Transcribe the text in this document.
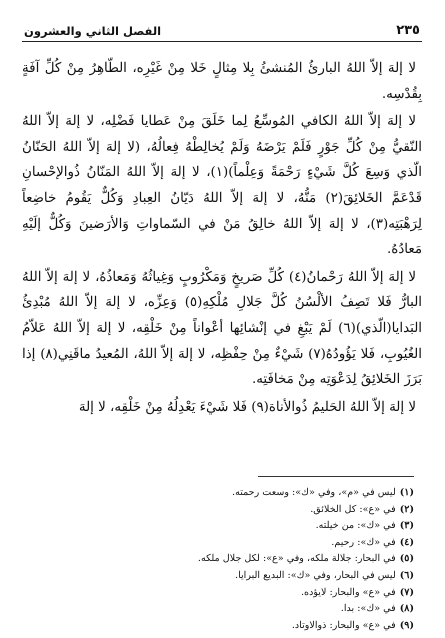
٢٣٥
الفصل الثاني والعشرون

لا إلهَ إلاّ اللهُ البارئُ المُنشئُ بِلا مِثالٍ خَلا مِنْ غَيْرِه، الطّاهِرُ مِنْ كُلِّ آفَةٍ بِقُدْسِه.

لا إلهَ إلاّ اللهُ الكافي المُوسِّعُ لِما خَلَقَ مِنْ عَطايا فَضْلِه، لا إلهَ إلاّ اللهُ النّقيُّ مِنْ كُلِّ جَوْرٍ فَلَمْ يَرْضَهُ وَلَمْ يُخالِطْهُ فِعالُهُ، (لا إلهَ إلاّ اللهُ الحَنّانُ الّذي وَسِعَ كُلَّ شَيْءٍ رَحْمَةً وَعِلْماً)(١)، لا إلهَ إلاّ اللهُ المَنّانُ ذُوالإحْسانِ قَدْعَمَّ الخَلائِقَ(٢) مَنُّهُ، لا إلهَ إلاّ اللهُ دَيّانُ العِبادِ وَكُلٌّ يَقُومُ خاضِعاً لِرَهْبَتِه(٣)، لا إلهَ إلاّ اللهُ خالِقُ مَنْ في السّماواتِ وَالأرَضينَ وَكُلٌّ إلَيْهِ مَعادُهُ.

لا إلهَ إلاّ اللهُ رَحْمانُ(٤) كُلِّ صَريخٍ وَمَكْرُوبٍ وَغِياثُهُ وَمَعاذُهُ، لا إلهَ إلاّ اللهُ البارُّ فَلا تَصِفُ الألْسُنُ كُلَّ جَلالِ مُلْكِهِ(٥) وَعِزِّه، لا إلهَ إلاّ اللهُ مُبْدِئُ البَدايا(الّذي)(٦) لَمْ يَبْغِ في إنْشائِها أعْواناً مِنْ خَلْقِه، لا إلهَ إلاّ اللهُ عَلاّمُ الغُيُوبِ، فَلا يَؤُودُهُ(٧) شَيْءٌ مِنْ حِفْظِه، لا إلهَ إلاّ اللهُ، المُعيدُ ماقَنِي(٨) إذا بَرَزَ الخَلائِقُ لِدَعْوَتِه مِنْ مَخافَتِه.

لا إلهَ إلاّ اللهُ الحَليمُ ذُوالأناة(٩) فَلا شَيْءَ يَعْدِلُهُ مِنْ خَلْقِه، لا إلهَ

(١)ليس في «م»، وفي «ك»: وسعت رحمته.
(٢)في «ع»: كل الخلائق.
(٣)في «ك»: من خيلته.
(٤)في «ك»: رحيم.
(٥)في البحار: جلالة ملكه، وفي «ع»: لكل جلال ملكه.
(٦)ليس في البحار، وفي «ك»: البديع البرايا.
(٧)في «ع» والبحار: لايؤده.
(٨)في «ك»: بدا.
(٩)في «ع» والبحار: ذوالاوتاد.
